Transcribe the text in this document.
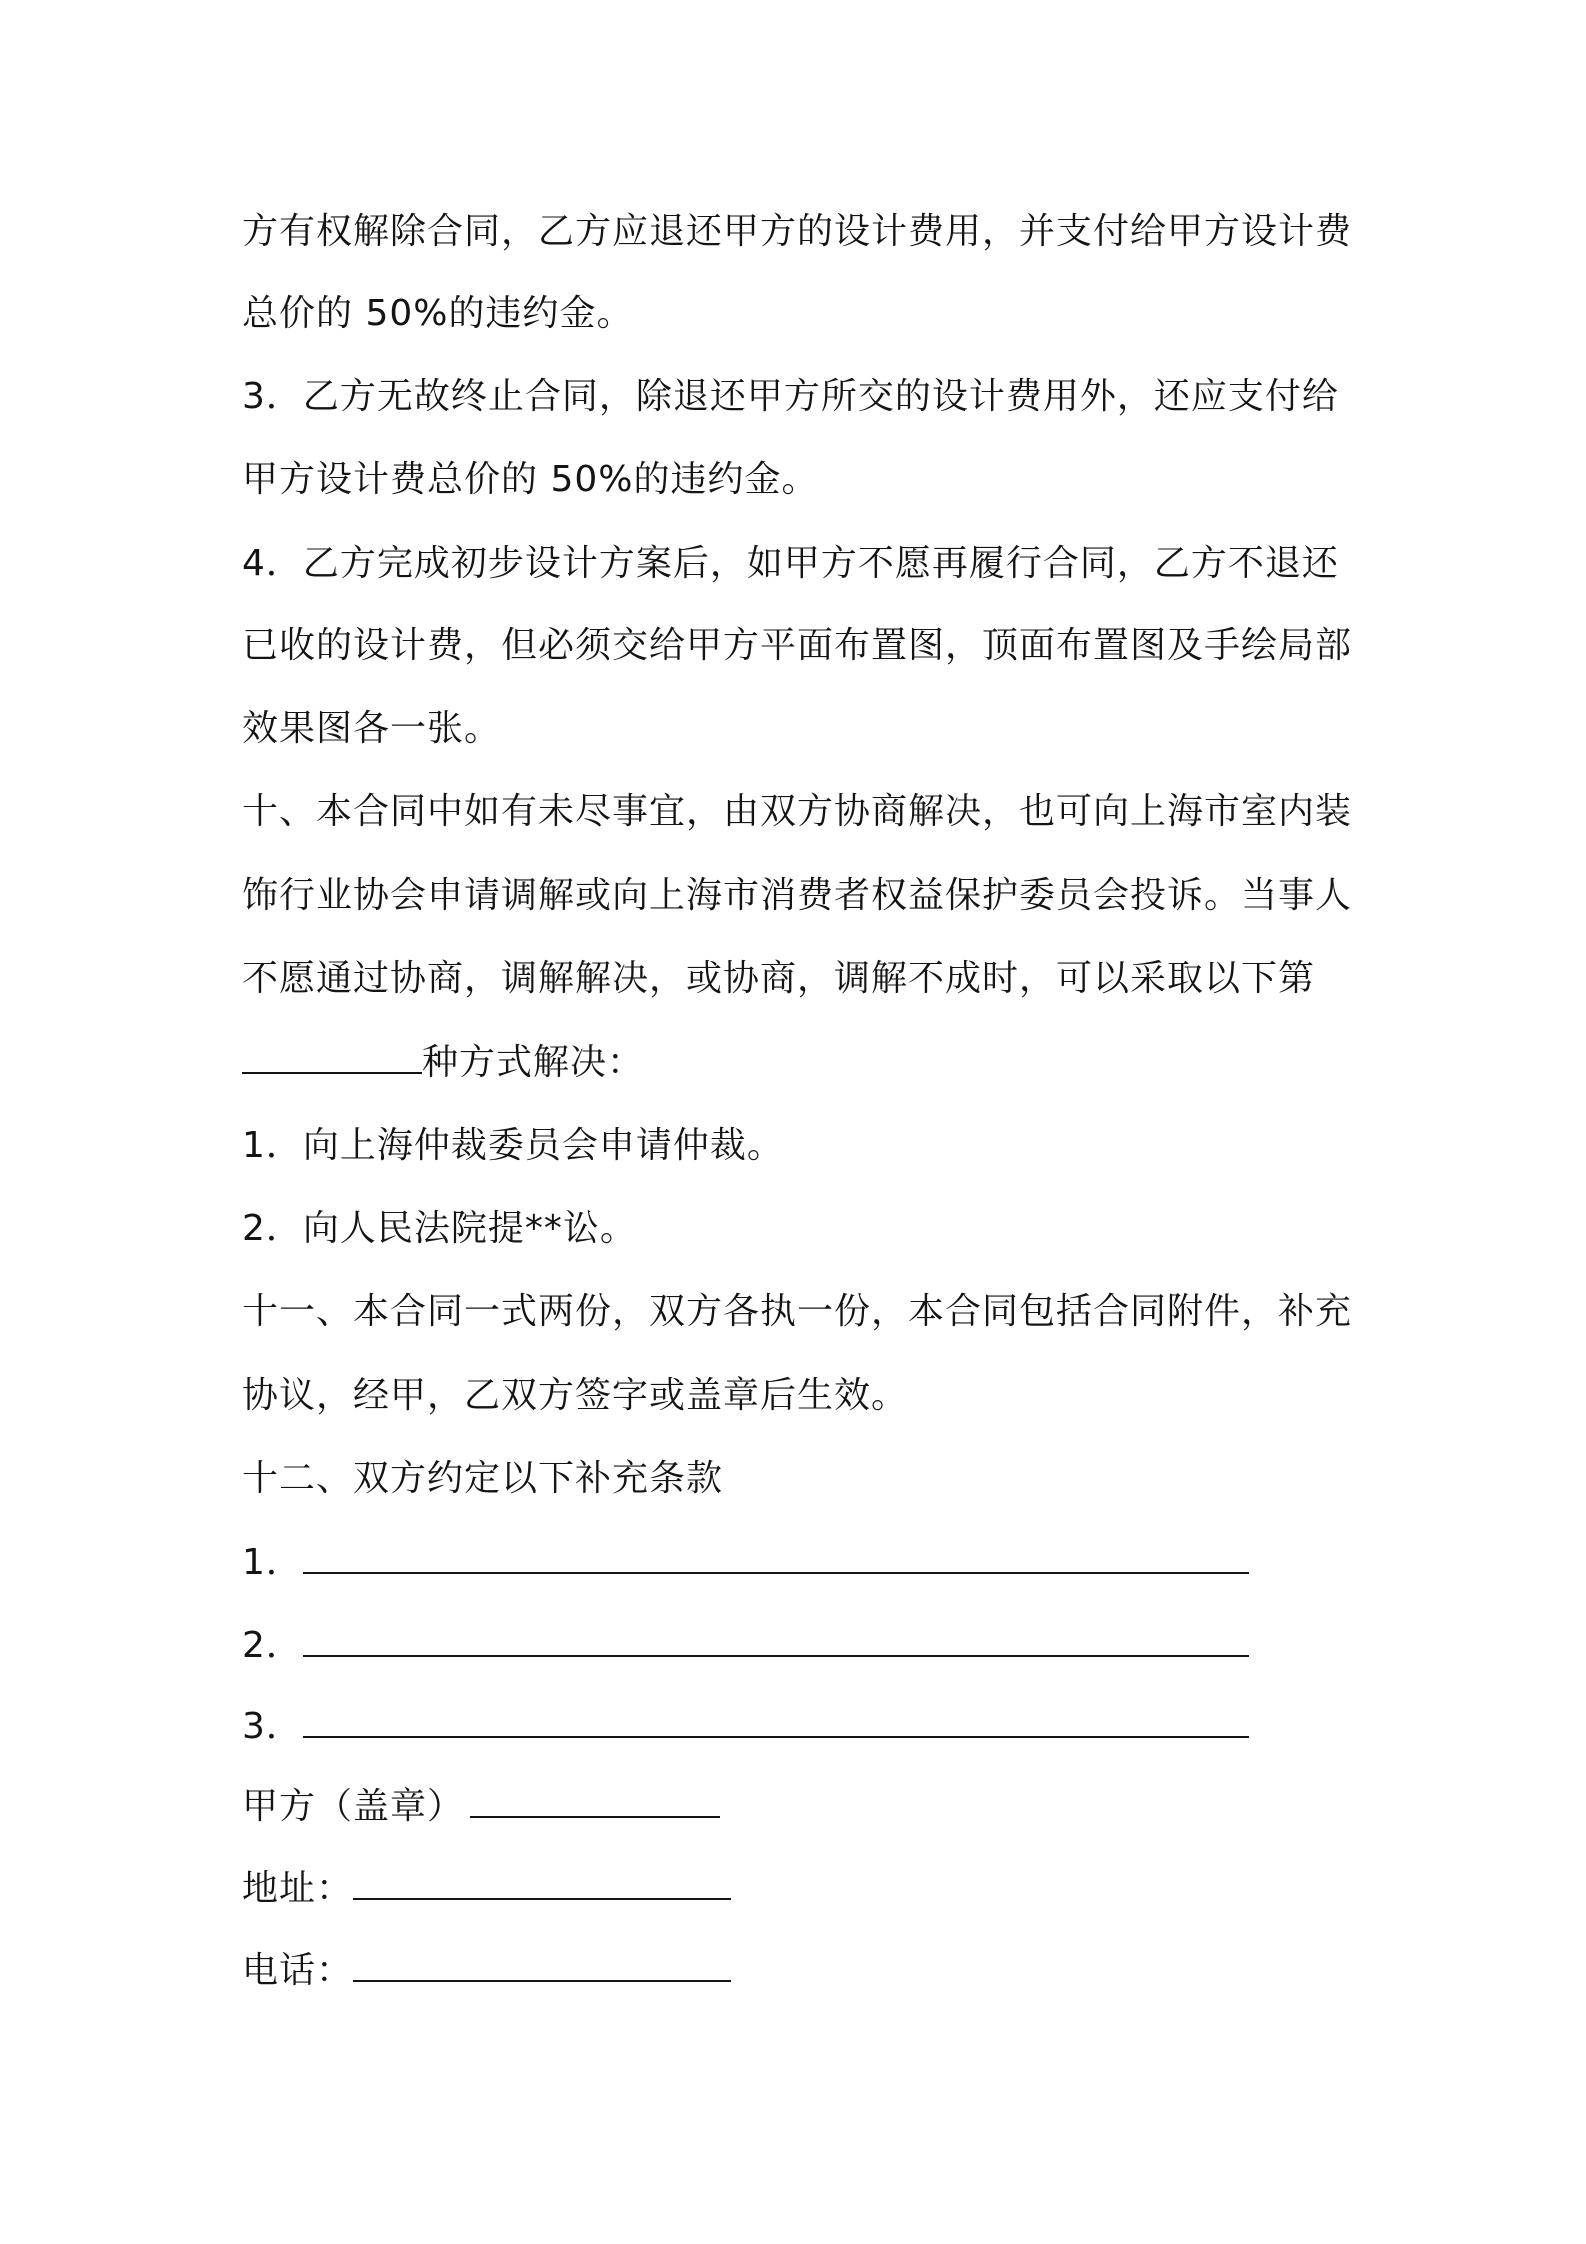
方有权解除合同，乙方应退还甲方的设计费用，并支付给甲方设计费
总价的 50%的违约金。
3．乙方无故终止合同，除退还甲方所交的设计费用外，还应支付给
甲方设计费总价的 50%的违约金。
4．乙方完成初步设计方案后，如甲方不愿再履行合同，乙方不退还
已收的设计费，但必须交给甲方平面布置图，顶面布置图及手绘局部
效果图各一张。
十、本合同中如有未尽事宜，由双方协商解决，也可向上海市室内装
饰行业协会申请调解或向上海市消费者权益保护委员会投诉。当事人
不愿通过协商，调解解决，或协商，调解不成时，可以采取以下第
种方式解决：
1．向上海仲裁委员会申请仲裁。
2．向人民法院提**讼。
十一、本合同一式两份，双方各执一份，本合同包括合同附件，补充
协议，经甲，乙双方签字或盖章后生效。
十二、双方约定以下补充条款
1．
2．
3．
甲方（盖章）
地址：
电话：
